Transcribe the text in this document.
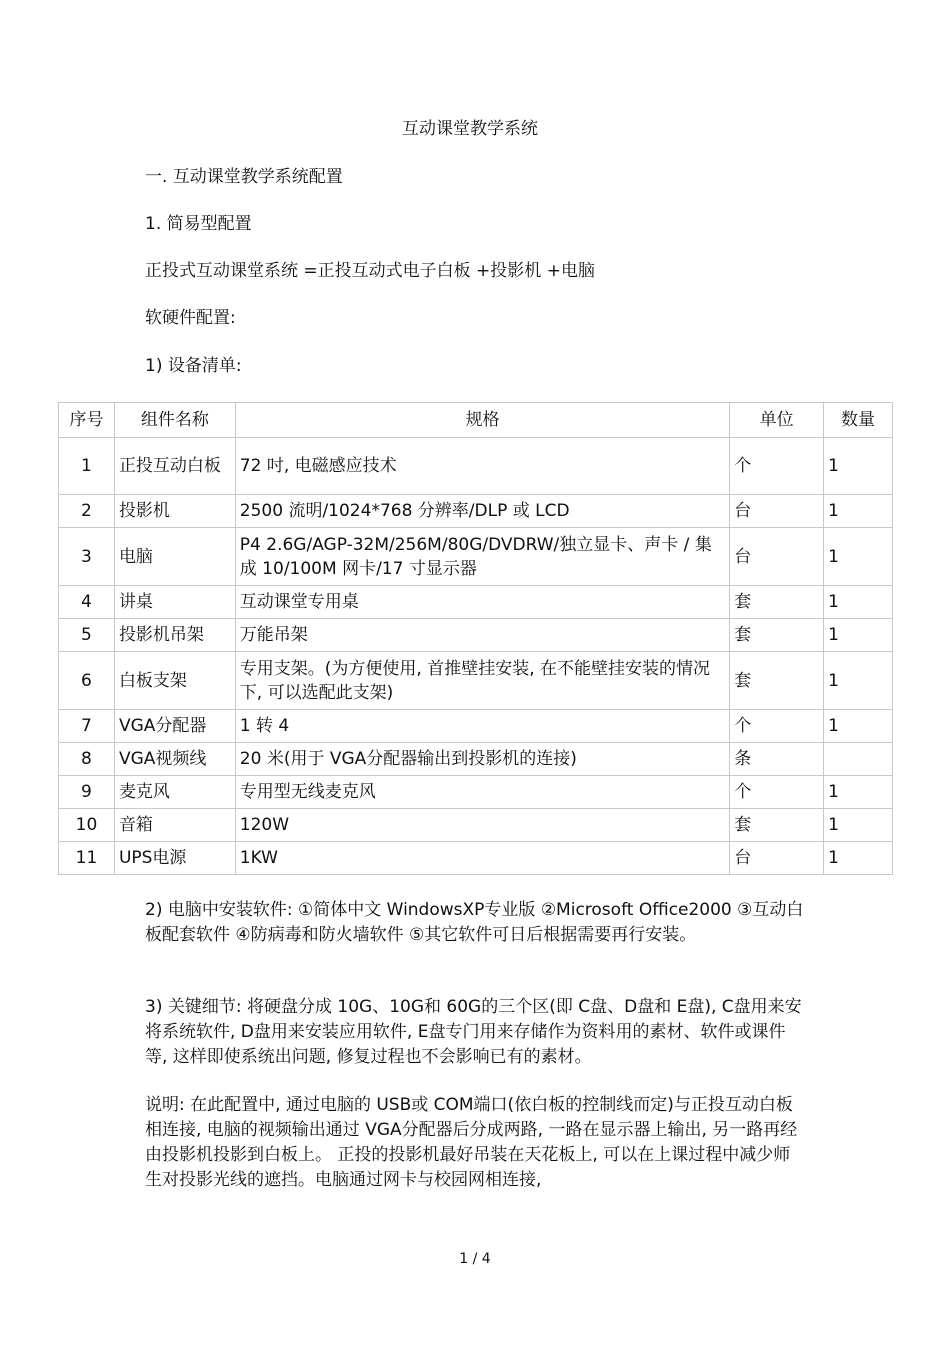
互动课堂教学系统
一. 互动课堂教学系统配置
1. 简易型配置
正投式互动课堂系统 =正投互动式电子白板 +投影机 +电脑
软硬件配置:
1) 设备清单:
序号	组件名称	规格	单位	数量
1	正投互动白板	72 吋, 电磁感应技术	个	1
2	投影机	2500 流明/1024*768 分辨率/DLP 或 LCD	台	1
3	电脑	P4 2.6G/AGP-32M/256M/80G/DVDRW/独立显卡、声卡 / 集成 10/100M 网卡/17 寸显示器	台	1
4	讲桌	互动课堂专用桌	套	1
5	投影机吊架	万能吊架	套	1
6	白板支架	专用支架。(为方便使用, 首推壁挂安装, 在不能壁挂安装的情况下, 可以选配此支架)	套	1
7	VGA分配器	1 转 4	个	1
8	VGA视频线	20 米(用于 VGA分配器输出到投影机的连接)	条	
9	麦克风	专用型无线麦克风	个	1
10	音箱	120W	套	1
11	UPS电源	1KW	台	1
2) 电脑中安装软件: ①简体中文 WindowsXP专业版 ②Microsoft Office2000 ③互动白板配套软件 ④防病毒和防火墙软件 ⑤其它软件可日后根据需要再行安装。
3) 关键细节: 将硬盘分成 10G、10G和 60G的三个区(即 C盘、D盘和 E盘), C盘用来安将系统软件, D盘用来安装应用软件, E盘专门用来存储作为资料用的素材、软件或课件等, 这样即使系统出问题, 修复过程也不会影响已有的素材。
说明: 在此配置中, 通过电脑的 USB或 COM端口(依白板的控制线而定)与正投互动白板相连接, 电脑的视频输出通过 VGA分配器后分成两路, 一路在显示器上输出, 另一路再经由投影机投影到白板上。 正投的投影机最好吊装在天花板上, 可以在上课过程中减少师生对投影光线的遮挡。电脑通过网卡与校园网相连接,
1 / 4
